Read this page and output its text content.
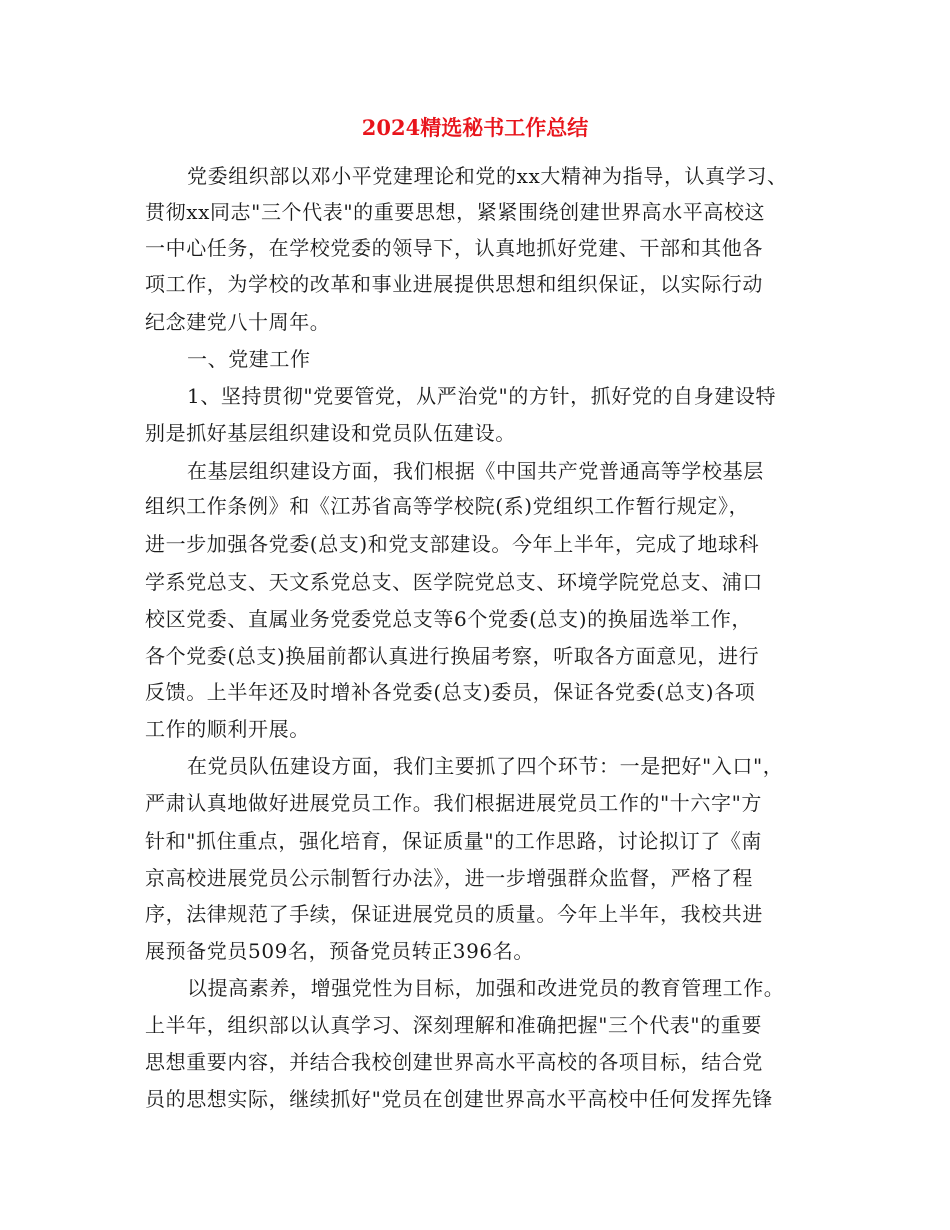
2024精选秘书工作总结

党委组织部以邓小平党建理论和党的xx大精神为指导，认真学习、

贯彻xx同志"三个代表"的重要思想，紧紧围绕创建世界高水平高校这

一中心任务，在学校党委的领导下，认真地抓好党建、干部和其他各

项工作，为学校的改革和事业进展提供思想和组织保证，以实际行动

纪念建党八十周年。

一、党建工作

1、坚持贯彻"党要管党，从严治党"的方针，抓好党的自身建设特

别是抓好基层组织建设和党员队伍建设。

在基层组织建设方面，我们根据《中国共产党普通高等学校基层

组织工作条例》和《江苏省高等学校院(系)党组织工作暂行规定》，

进一步加强各党委(总支)和党支部建设。今年上半年，完成了地球科

学系党总支、天文系党总支、医学院党总支、环境学院党总支、浦口

校区党委、直属业务党委党总支等6个党委(总支)的换届选举工作，

各个党委(总支)换届前都认真进行换届考察，听取各方面意见，进行

反馈。上半年还及时增补各党委(总支)委员，保证各党委(总支)各项

工作的顺利开展。

在党员队伍建设方面，我们主要抓了四个环节：一是把好"入口"，

严肃认真地做好进展党员工作。我们根据进展党员工作的"十六字"方

针和"抓住重点，强化培育，保证质量"的工作思路，讨论拟订了《南

京高校进展党员公示制暂行办法》，进一步增强群众监督，严格了程

序，法律规范了手续，保证进展党员的质量。今年上半年，我校共进

展预备党员509名，预备党员转正396名。

以提高素养，增强党性为目标，加强和改进党员的教育管理工作。

上半年，组织部以认真学习、深刻理解和准确把握"三个代表"的重要

思想重要内容，并结合我校创建世界高水平高校的各项目标，结合党

员的思想实际，继续抓好"党员在创建世界高水平高校中任何发挥先锋
